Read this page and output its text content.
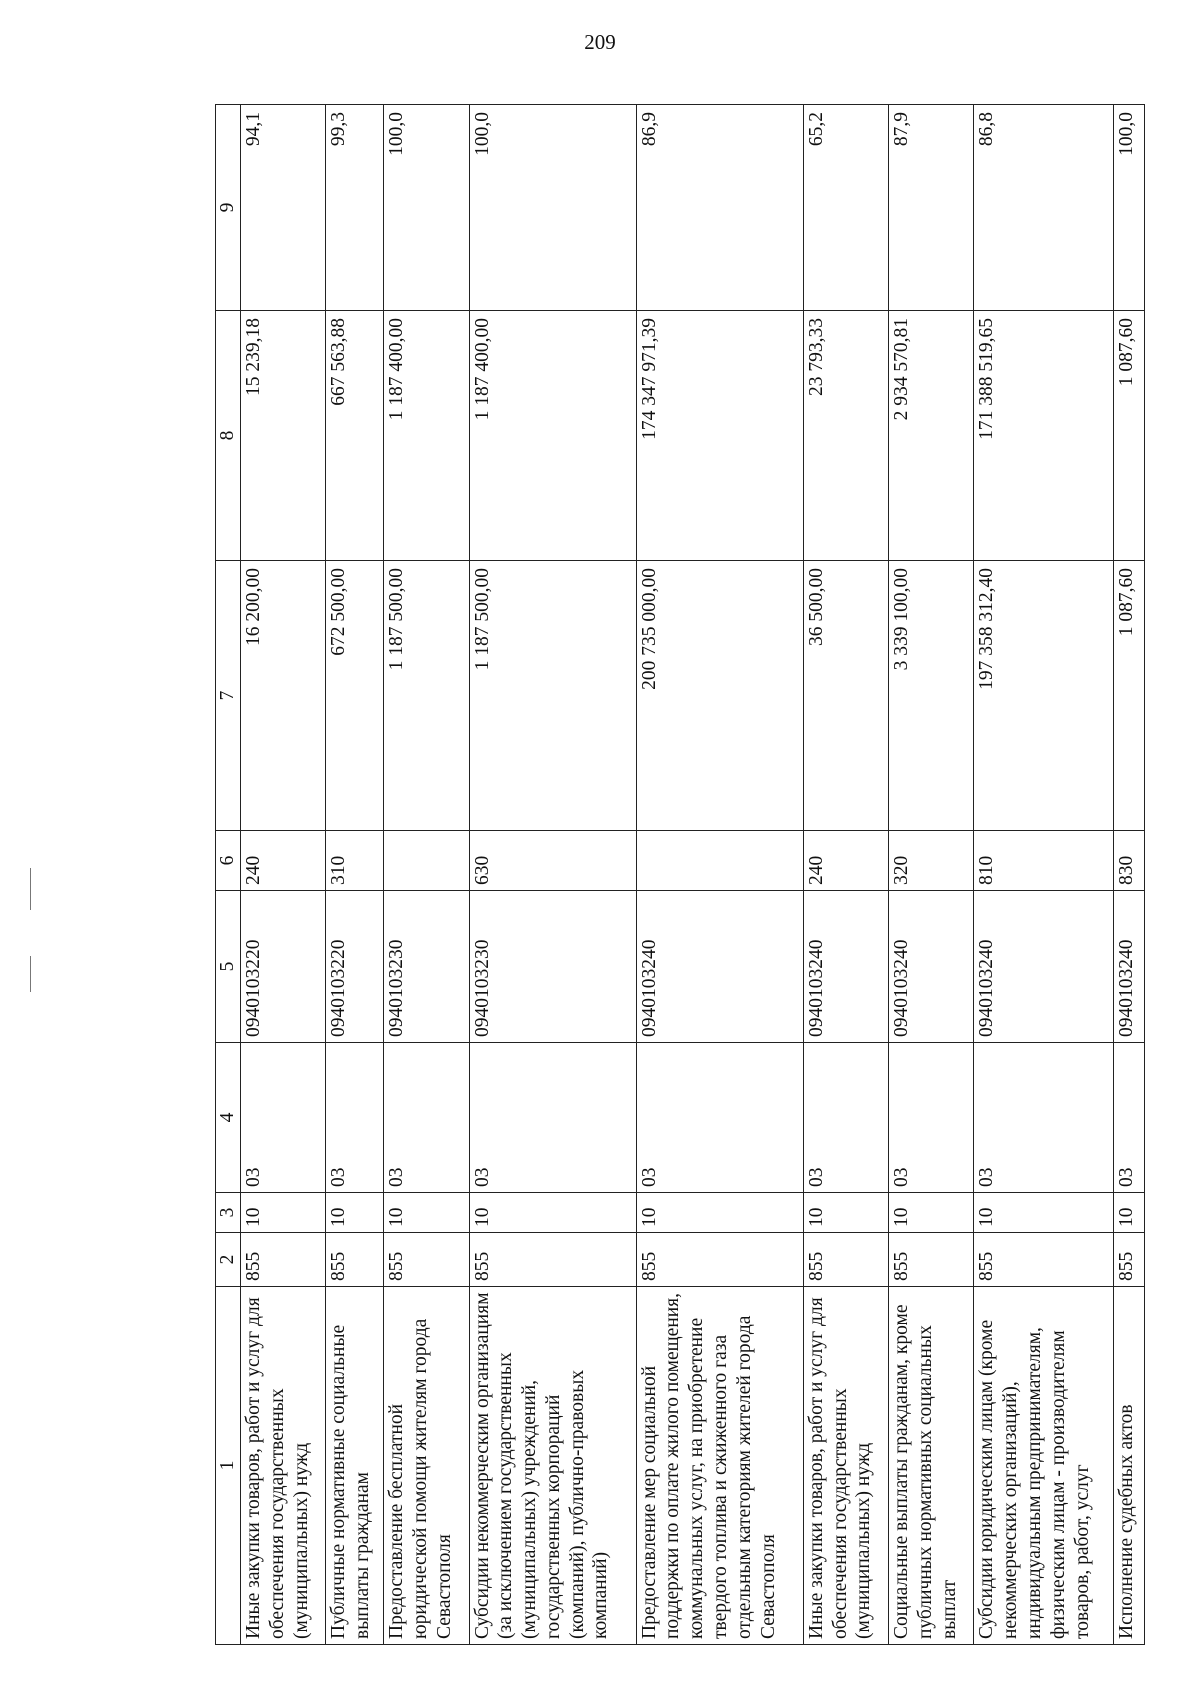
209
1	2	3	4	5	6	7	8	9
Иные закупки товаров, работ и услуг для обеспечения государственных (муниципальных) нужд	855	10	03	0940103220	240	16 200,00	15 239,18	94,1
Публичные нормативные социальные выплаты гражданам	855	10	03	0940103220	310	672 500,00	667 563,88	99,3
Предоставление бесплатной юридической помощи жителям города Севастополя	855	10	03	0940103230		1 187 500,00	1 187 400,00	100,0
Субсидии некоммерческим организациям (за исключением государственных (муниципальных) учреждений, государственных корпораций (компаний), публично-правовых компаний)	855	10	03	0940103230	630	1 187 500,00	1 187 400,00	100,0
Предоставление мер социальной поддержки по оплате жилого помещения, коммунальных услуг, на приобретение твердого топлива и сжиженного газа отдельным категориям жителей города Севастополя	855	10	03	0940103240		200 735 000,00	174 347 971,39	86,9
Иные закупки товаров, работ и услуг для обеспечения государственных (муниципальных) нужд	855	10	03	0940103240	240	36 500,00	23 793,33	65,2
Социальные выплаты гражданам, кроме публичных нормативных социальных выплат	855	10	03	0940103240	320	3 339 100,00	2 934 570,81	87,9
Субсидии юридическим лицам (кроме некоммерческих организаций), индивидуальным предпринимателям, физическим лицам - производителям товаров, работ, услуг	855	10	03	0940103240	810	197 358 312,40	171 388 519,65	86,8
Исполнение судебных актов	855	10	03	0940103240	830	1 087,60	1 087,60	100,0
